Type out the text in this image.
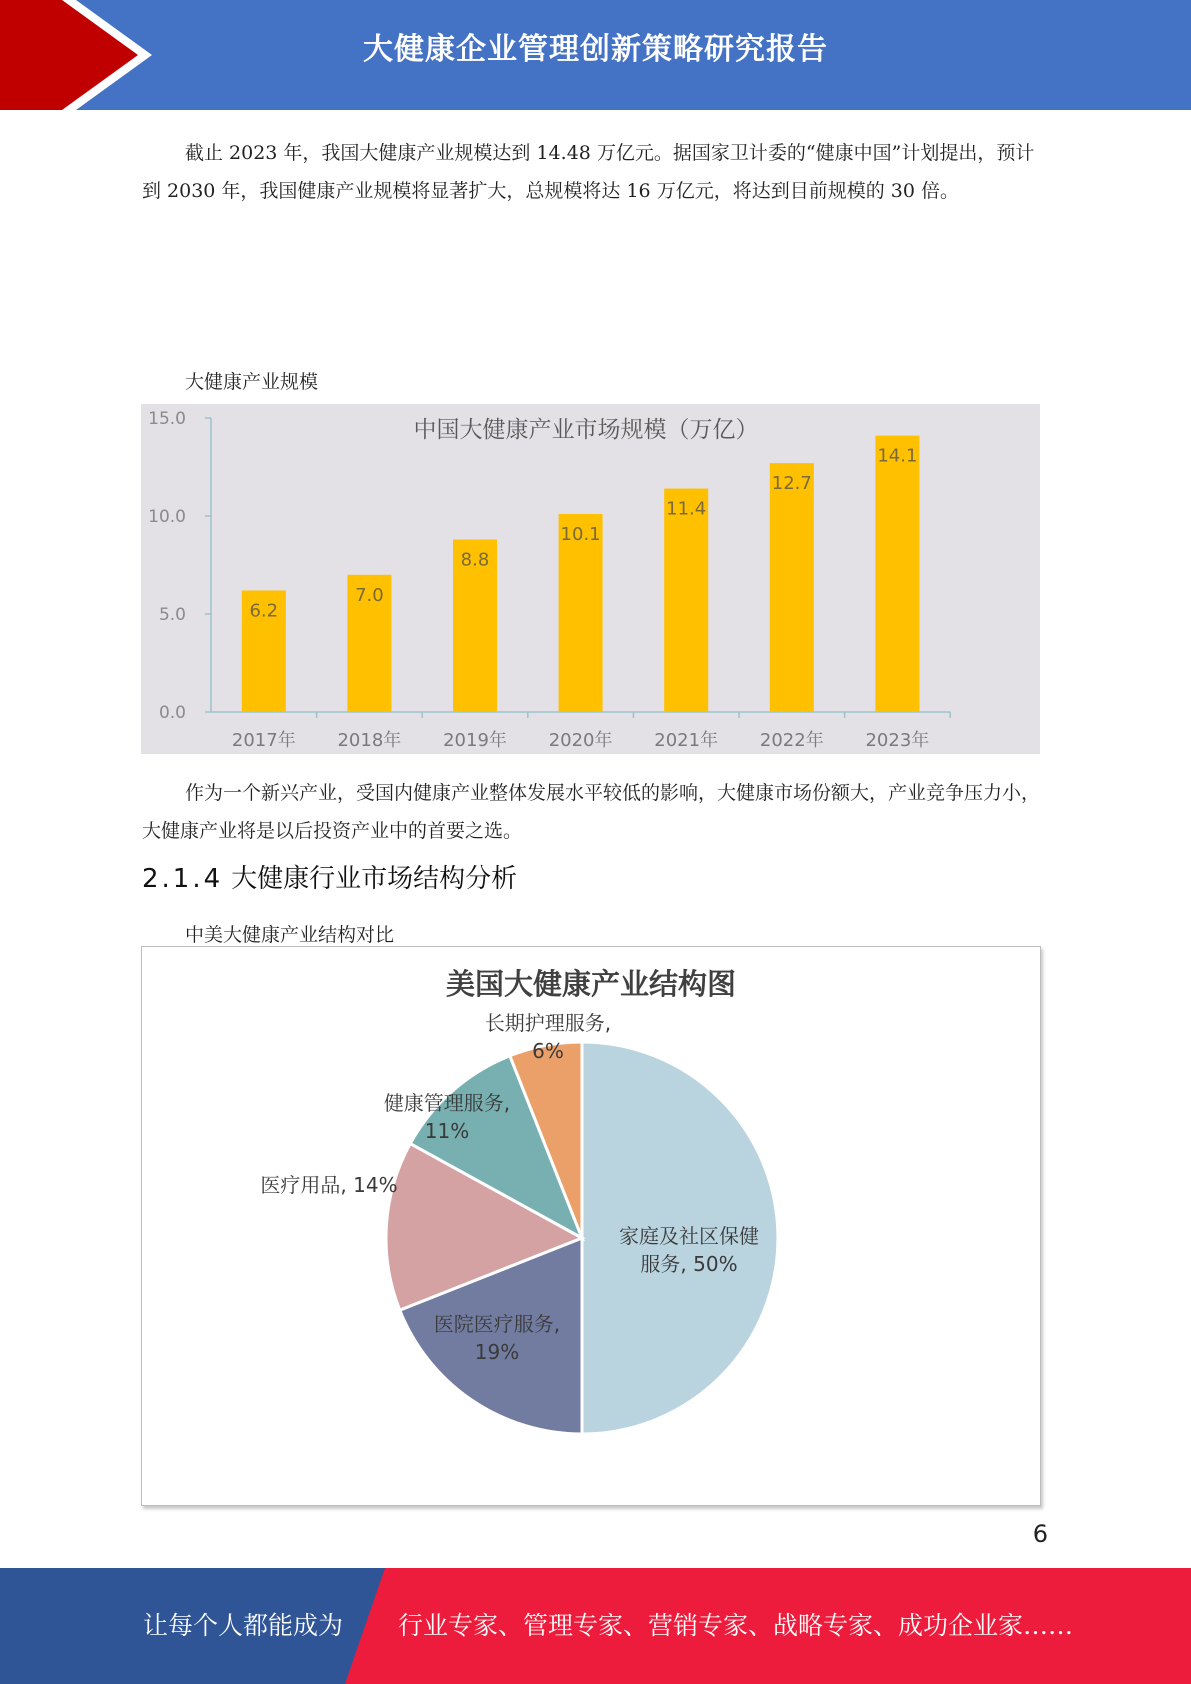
大健康企业管理创新策略研究报告

截止 2023 年，我国大健康产业规模达到 14.48 万亿元。据国家卫计委的“健康中国”计划提出，预计到 2030 年，我国健康产业规模将显著扩大，总规模将达 16 万亿元，将达到目前规模的 30 倍。

大健康产业规模
0.0
5.0
10.0
15.0	中国大健康产业市场规模（万亿）
6.2
2017年
7.0
2018年
8.8
2019年
10.1
2020年
11.4
2021年
12.7
2022年
14.1
2023年

作为一个新兴产业，受国内健康产业整体发展水平较低的影响，大健康市场份额大，产业竞争压力小，大健康产业将是以后投资产业中的首要之选。

2.1.4 大健康行业市场结构分析
中美大健康产业结构对比
美国大健康产业结构图
家庭及社区保健
服务, 50%
医院医疗服务,
19%
医疗用品, 14%
健康管理服务,
11%
长期护理服务,
6%
6
让每个人都能成为 行业专家、管理专家、营销专家、战略专家、成功企业家……
